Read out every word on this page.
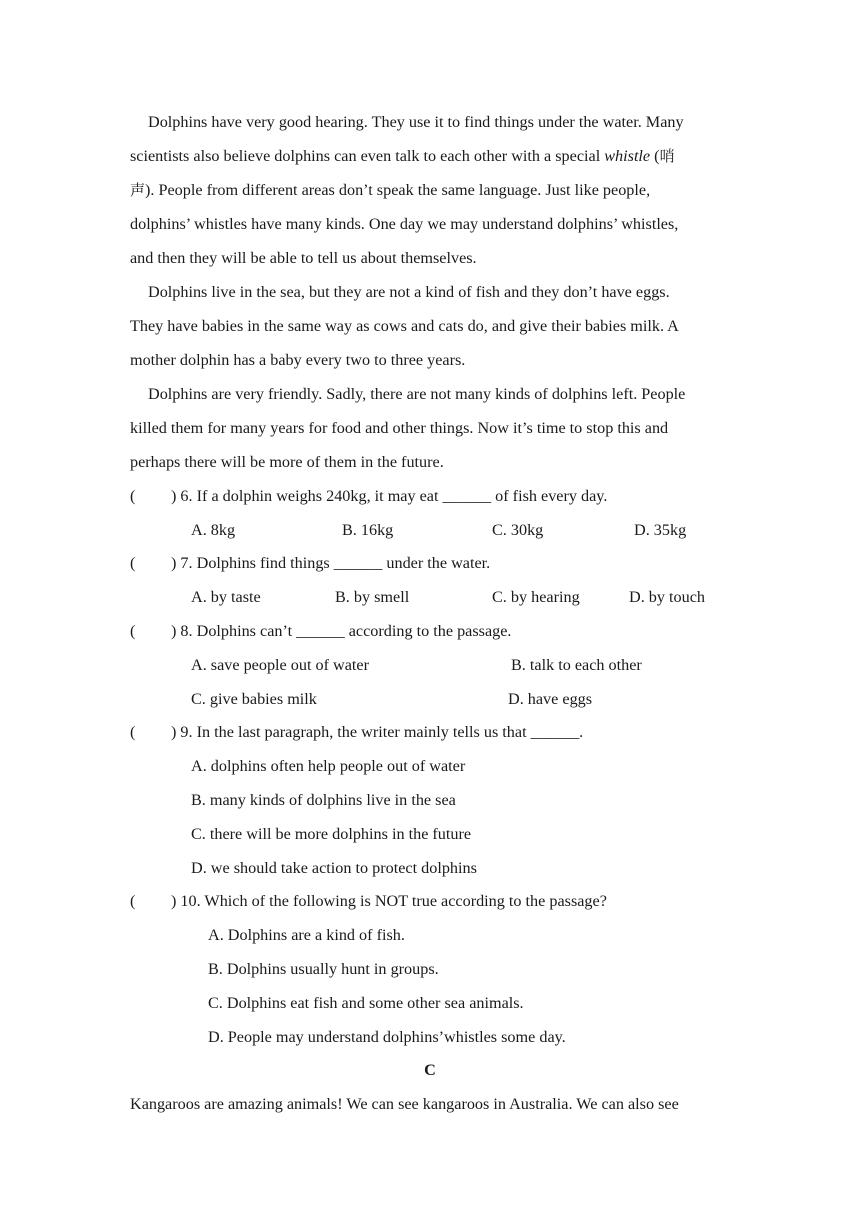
Dolphins have very good hearing. They use it to find things under the water. Many
scientists also believe dolphins can even talk to each other with a special whistle (哨
声). People from different areas don’t speak the same language. Just like people,
dolphins’ whistles have many kinds. One day we may understand dolphins’ whistles,
and then they will be able to tell us about themselves.
Dolphins live in the sea, but they are not a kind of fish and they don’t have eggs.
They have babies in the same way as cows and cats do, and give their babies milk. A
mother dolphin has a baby every two to three years.
Dolphins are very friendly. Sadly, there are not many kinds of dolphins left. People
killed them for many years for food and other things. Now it’s time to stop this and
perhaps there will be more of them in the future.
( ) 6. If a dolphin weighs 240kg, it may eat ______ of fish every day.
A. 8kg	B. 16kg	C. 30kg	D. 35kg
( ) 7. Dolphins find things ______ under the water.
A. by taste	B. by smell	C. by hearing	D. by touch
( ) 8. Dolphins can’t ______ according to the passage.
A. save people out of water	B. talk to each other
C. give babies milk	D. have eggs
( ) 9. In the last paragraph, the writer mainly tells us that ______.
A. dolphins often help people out of water
B. many kinds of dolphins live in the sea
C. there will be more dolphins in the future
D. we should take action to protect dolphins
( ) 10. Which of the following is NOT true according to the passage?
A. Dolphins are a kind of fish.
B. Dolphins usually hunt in groups.
C. Dolphins eat fish and some other sea animals.
D. People may understand dolphins’whistles some day.
C
Kangaroos are amazing animals! We can see kangaroos in Australia. We can also see
